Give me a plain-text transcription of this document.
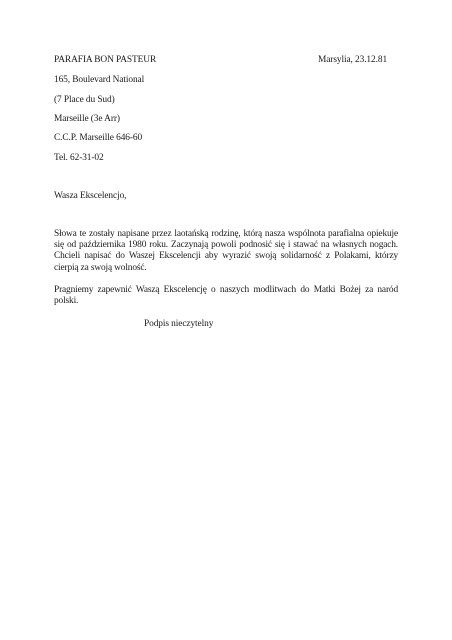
PARAFIA BON PASTEUR	Marsylia, 23.12.81
165, Boulevard National
(7 Place du Sud)
Marseille (3e Arr)
C.C.P. Marseille 646-60
Tel. 62-31-02
Wasza Ekscelencjo,
Słowa te zostały napisane przez laotańską rodzinę, którą nasza wspólnota parafialna opiekuje się od października 1980 roku. Zaczynają powoli podnosić się i stawać na własnych nogach. Chcieli napisać do Waszej Ekscelencji aby wyrazić swoją solidarność z Polakami, którzy cierpią za swoją wolność.
Pragniemy zapewnić Waszą Ekscelencję o naszych modlitwach do Matki Bożej za naród polski.
Podpis nieczytelny
